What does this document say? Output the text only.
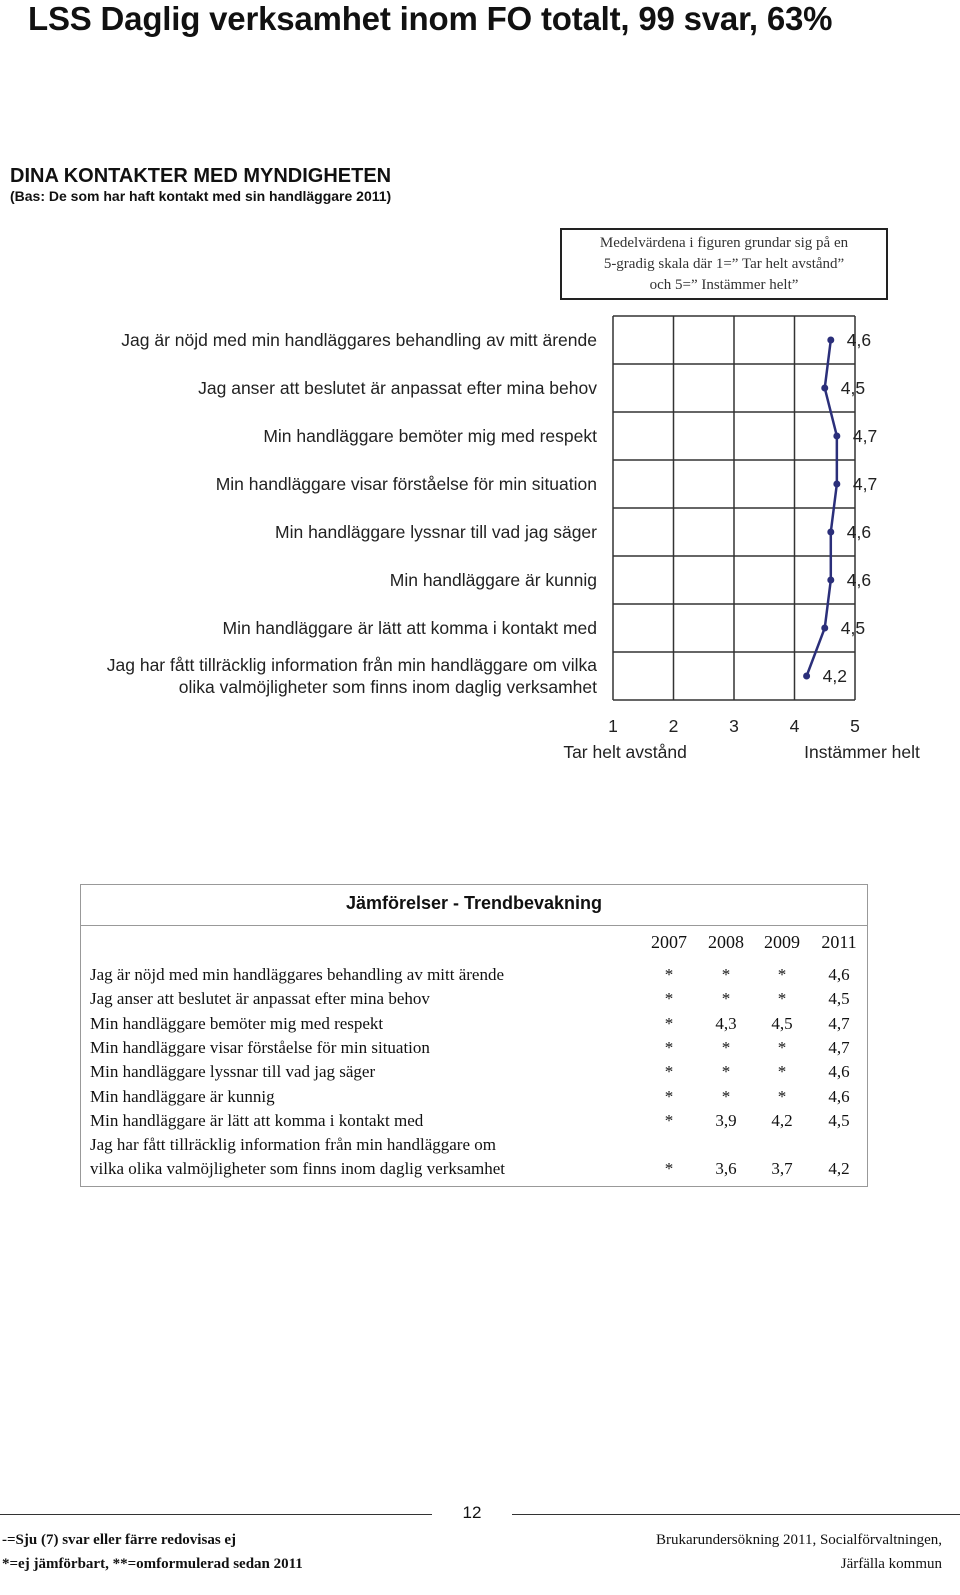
LSS Daglig verksamhet inom FO totalt, 99 svar, 63%
DINA KONTAKTER MED MYNDIGHETEN
(Bas: De som har haft kontakt med sin handläggare 2011)
Medelvärdena i figuren grundar sig på en
5-gradig skala där 1=” Tar helt avstånd”
och 5=” Instämmer helt”
Jag är nöjd med min handläggares behandling av mitt ärende
Jag anser att beslutet är anpassat efter mina behov
Min handläggare bemöter mig med respekt
Min handläggare visar förståelse för min situation
Min handläggare lyssnar till vad jag säger
Min handläggare är kunnig
Min handläggare är lätt att komma i kontakt med
Jag har fått tillräcklig information från min handläggare om vilka
olika valmöjligheter som finns inom daglig verksamhet
4,6
4,5
4,7
4,7
4,6
4,6
4,5
4,2
1	2	3	4	5
Tar helt avstånd	Instämmer helt
Jämförelser - Trendbevakning
2007	2008	2009	2011
Jag är nöjd med min handläggares behandling av mitt ärende	*	*	*	4,6
Jag anser att beslutet är anpassat efter mina behov	*	*	*	4,5
Min handläggare bemöter mig med respekt	*	4,3	4,5	4,7
Min handläggare visar förståelse för min situation	*	*	*	4,7
Min handläggare lyssnar till vad jag säger	*	*	*	4,6
Min handläggare är kunnig	*	*	*	4,6
Min handläggare är lätt att komma i kontakt med	*	3,9	4,2	4,5
Jag har fått tillräcklig information från min handläggare om
vilka olika valmöjligheter som finns inom daglig verksamhet	*	3,6	3,7	4,2
12
-=Sju (7) svar eller färre redovisas ej
*=ej jämförbart, **=omformulerad sedan 2011
Brukarundersökning 2011, Socialförvaltningen,
Järfälla kommun
